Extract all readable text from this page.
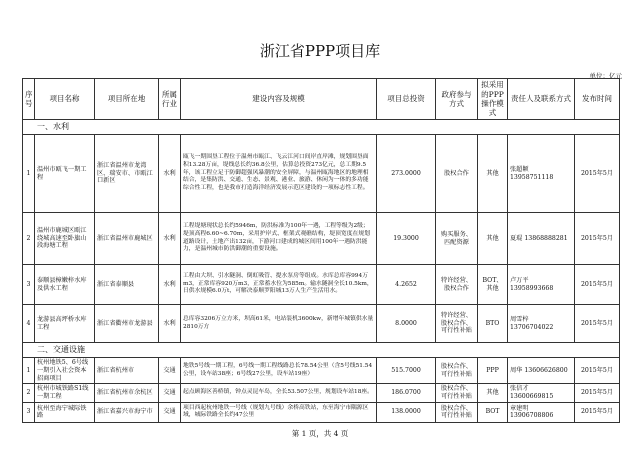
浙江省PPP项目库
单位：亿元
序号	项目名称	项目所在地	所属行业	建设内容及规模	项目总投资	政府参与方式	拟采用的PPP操作模式	责任人及联系方式	发布时间
一、水利									
1	温州市瓯飞一期工程	浙江省温州市龙湾区、瑞安市、市瓯江口新区	水利	瓯飞一期围垦工程位于温州市瓯江、飞云江河口间岸直岸滩，规划围垦面积13.28万亩，堤线总长约36.8公里，估算总投资273亿元，总工期9.5年，该工程立足于防御超强风暴潮的安全屏障，与温州瓯海地区的地理相结合，是集防洪、交通、生态、景观、港业、旅游、休闲为一体的多功能综合性工程，也是我市打造海洋经济发展示范区建设的一项标志性工程。	273.0000	股权合作	其他	张超颖 13958751118	2015年5月
2	温州市鹿城区瓯江绕城高速至卧旗山段海塘工程	浙江省温州市鹿城区	水利	工程堤塘现状总长约5946m，防洪标准为100年一遇，工程等级为2级；堤顶高程6.60~6.70m，采用护岸式、框架式观礁结构，堤顶宽度在规划道路设计，土地产出132亩，下游河口建成的城区间用100年一遇防洪能力，是温州城市防洪御潮的重要设施。	19.3000	购买服务、匹配资源	其他	夏琨 13868888281	2015年5月
3	泰顺县樟嫩梓水库及供水工程	浙江省泰顺县	水利	工程由大坝、引水隧洞、倒虹吸管、提水泵房等组成。水库总库容994万m3，正常库容920万m3，正常蓄水位为585m。输水隧洞全长10.5km，日供水规模6.0万t，可解决泰顺罗阳城13万人生产生活用水。	4.2652	特许经营、股权合作	BOT、其他	卢万平 13958993668	2015年5月
4	龙游县高坪桥水库工程	浙江省衢州市龙游县	水利	总库容3206万立方米，坝高61米，电站装机3600kw，新增年城镇供水量2810万方	8.0000	特许经营、股权合作、可行性补贴	BTO	周雪梓 13706704022	2015年5月
二、交通设施									
1	杭州地铁5、6号线一期引入社会资本招商项目	浙江省杭州市	交通	地铁5号线一期工程，6号线一期工程线路总长78.54公里（含5号线51.54公里，设车站38座；6号线27公里，设车站19座）	515.7000	股权合作、可行性补贴	PPP	周华 13606626800	2015年5月
2	杭州市城铁路S1线一期工程	浙江省杭州市余杭区	交通	起点顾海区善桥镇，钟点灵昆车岛，全长53.507公里，规划设车站18座。	186.0700	股权合作、可行性补贴	其他	张信才 13600669815	2015年5月
3	杭州至海宁城际铁路	浙江省嘉兴市海宁市	交通	项目西起杭州地铁一号线（规划九号线）余桥高铁站，东至海宁市隅源区域，城际铁路全长约47公里	138.0000	股权合作、可行性补贴	BOT	章建明 13906708806	2015年5月
第 1 页，共 4 页
